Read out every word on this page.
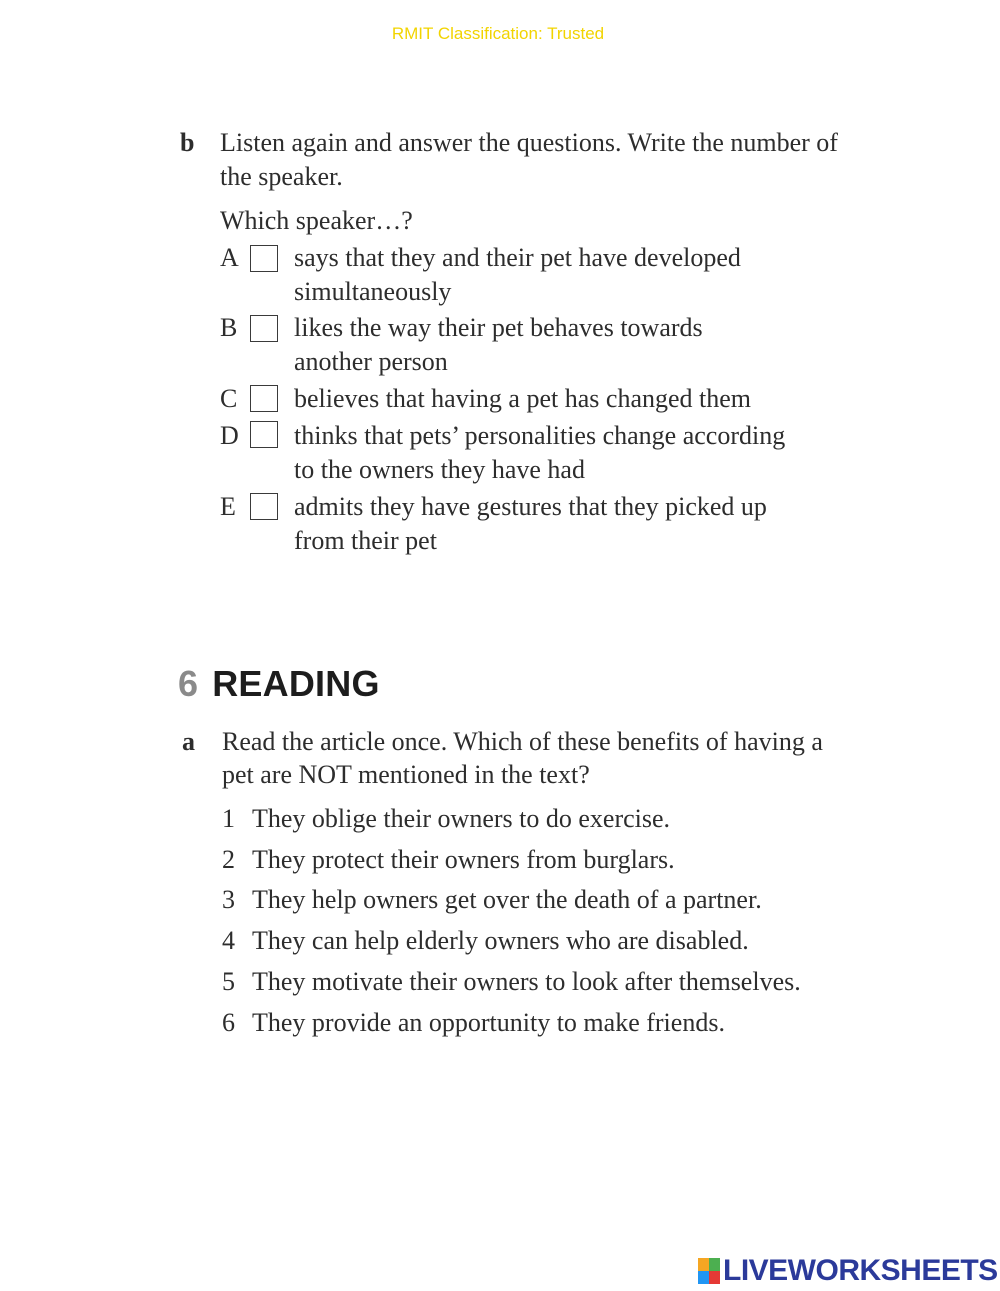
RMIT Classification: Trusted
b Listen again and answer the questions. Write the number of the speaker.
Which speaker…?
A says that they and their pet have developed
simultaneously
B	likes the way their pet behaves towards
another person
C	believes that having a pet has changed them
D thinks that pets’ personalities change according
to the owners they have had
E	admits they have gestures that they picked up
from their pet
6 READING
a Read the article once. Which of these benefits of having a pet are NOT mentioned in the text?
1 They oblige their owners to do exercise.
2 They protect their owners from burglars.
3 They help owners get over the death of a partner.
4 They can help elderly owners who are disabled.
5 They motivate their owners to look after themselves.
6 They provide an opportunity to make friends.
LIVEWORKSHEETS
